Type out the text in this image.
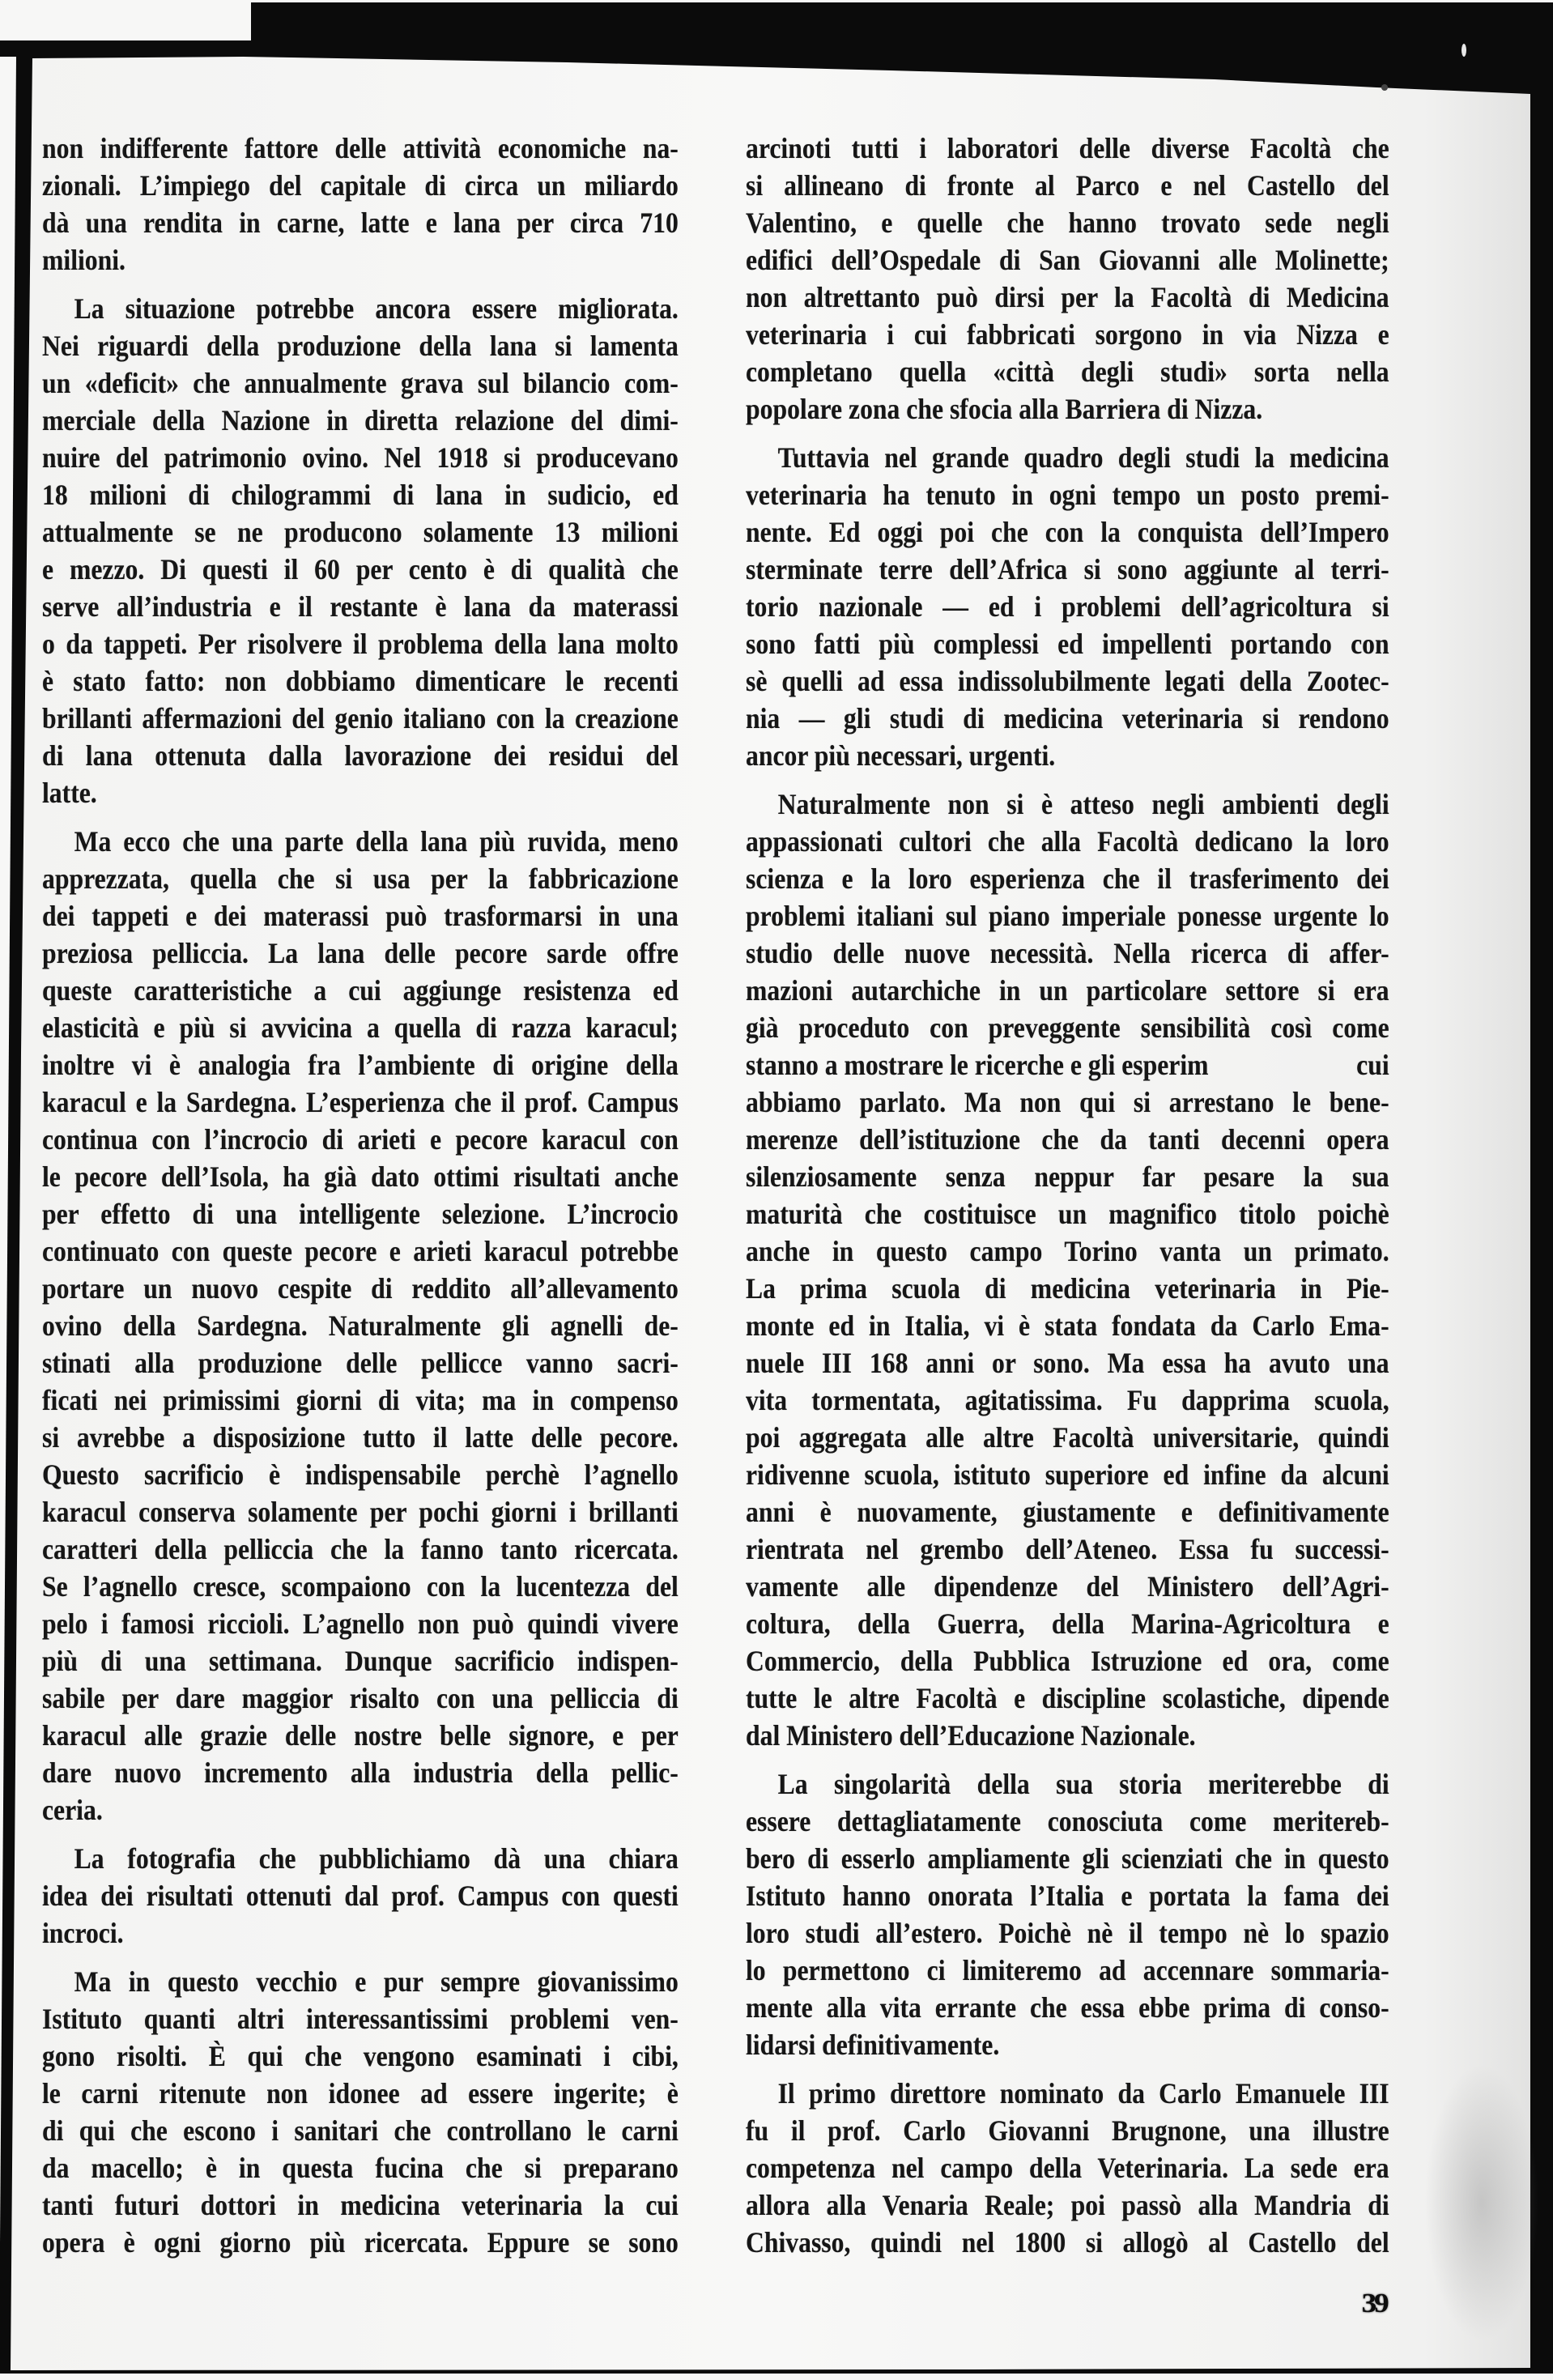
non indifferente fattore delle attività economiche na-
zionali. L’impiego del capitale di circa un miliardo
dà una rendita in carne, latte e lana per circa 710
milioni.
La situazione potrebbe ancora essere migliorata.
Nei riguardi della produzione della lana si lamenta
un «deficit» che annualmente grava sul bilancio com-
merciale della Nazione in diretta relazione del dimi-
nuire del patrimonio ovino. Nel 1918 si producevano
18 milioni di chilogrammi di lana in sudicio, ed
attualmente se ne producono solamente 13 milioni
e mezzo. Di questi il 60 per cento è di qualità che
serve all’industria e il restante è lana da materassi
o da tappeti. Per risolvere il problema della lana molto
è stato fatto: non dobbiamo dimenticare le recenti
brillanti affermazioni del genio italiano con la creazione
di lana ottenuta dalla lavorazione dei residui del
latte.
Ma ecco che una parte della lana più ruvida, meno
apprezzata, quella che si usa per la fabbricazione
dei tappeti e dei materassi può trasformarsi in una
preziosa pelliccia. La lana delle pecore sarde offre
queste caratteristiche a cui aggiunge resistenza ed
elasticità e più si avvicina a quella di razza karacul;
inoltre vi è analogia fra l’ambiente di origine della
karacul e la Sardegna. L’esperienza che il prof. Campus
continua con l’incrocio di arieti e pecore karacul con
le pecore dell’Isola, ha già dato ottimi risultati anche
per effetto di una intelligente selezione. L’incrocio
continuato con queste pecore e arieti karacul potrebbe
portare un nuovo cespite di reddito all’allevamento
ovino della Sardegna. Naturalmente gli agnelli de-
stinati alla produzione delle pellicce vanno sacri-
ficati nei primissimi giorni di vita; ma in compenso
si avrebbe a disposizione tutto il latte delle pecore.
Questo sacrificio è indispensabile perchè l’agnello
karacul conserva solamente per pochi giorni i brillanti
caratteri della pelliccia che la fanno tanto ricercata.
Se l’agnello cresce, scompaiono con la lucentezza del
pelo i famosi riccioli. L’agnello non può quindi vivere
più di una settimana. Dunque sacrificio indispen-
sabile per dare maggior risalto con una pelliccia di
karacul alle grazie delle nostre belle signore, e per
dare nuovo incremento alla industria della pellic-
ceria.
La fotografia che pubblichiamo dà una chiara
idea dei risultati ottenuti dal prof. Campus con questi
incroci.
Ma in questo vecchio e pur sempre giovanissimo
Istituto quanti altri interessantissimi problemi ven-
gono risolti. È qui che vengono esaminati i cibi,
le carni ritenute non idonee ad essere ingerite; è
di qui che escono i sanitari che controllano le carni
da macello; è in questa fucina che si preparano
tanti futuri dottori in medicina veterinaria la cui
opera è ogni giorno più ricercata. Eppure se sono
arcinoti tutti i laboratori delle diverse Facoltà che
si allineano di fronte al Parco e nel Castello del
Valentino, e quelle che hanno trovato sede negli
edifici dell’Ospedale di San Giovanni alle Molinette;
non altrettanto può dirsi per la Facoltà di Medicina
veterinaria i cui fabbricati sorgono in via Nizza e
completano quella «città degli studi» sorta nella
popolare zona che sfocia alla Barriera di Nizza.
Tuttavia nel grande quadro degli studi la medicina
veterinaria ha tenuto in ogni tempo un posto premi-
nente. Ed oggi poi che con la conquista dell’Impero
sterminate terre dell’Africa si sono aggiunte al terri-
torio nazionale — ed i problemi dell’agricoltura si
sono fatti più complessi ed impellenti portando con
sè quelli ad essa indissolubilmente legati della Zootec-
nia — gli studi di medicina veterinaria si rendono
ancor più necessari, urgenti.
Naturalmente non si è atteso negli ambienti degli
appassionati cultori che alla Facoltà dedicano la loro
scienza e la loro esperienza che il trasferimento dei
problemi italiani sul piano imperiale ponesse urgente lo
studio delle nuove necessità. Nella ricerca di affer-
mazioni autarchiche in un particolare settore si era
già proceduto con preveggente sensibilità così come
stanno a mostrare le ricerche e gli esperim	cui
abbiamo parlato. Ma non qui si arrestano le bene-
merenze dell’istituzione che da tanti decenni opera
silenziosamente senza neppur far pesare la sua
maturità che costituisce un magnifico titolo poichè
anche in questo campo Torino vanta un primato.
La prima scuola di medicina veterinaria in Pie-
monte ed in Italia, vi è stata fondata da Carlo Ema-
nuele III 168 anni or sono. Ma essa ha avuto una
vita tormentata, agitatissima. Fu dapprima scuola,
poi aggregata alle altre Facoltà universitarie, quindi
ridivenne scuola, istituto superiore ed infine da alcuni
anni è nuovamente, giustamente e definitivamente
rientrata nel grembo dell’Ateneo. Essa fu successi-
vamente alle dipendenze del Ministero dell’Agri-
coltura, della Guerra, della Marina-Agricoltura e
Commercio, della Pubblica Istruzione ed ora, come
tutte le altre Facoltà e discipline scolastiche, dipende
dal Ministero dell’Educazione Nazionale.
La singolarità della sua storia meriterebbe di
essere dettagliatamente conosciuta come meritereb-
bero di esserlo ampliamente gli scienziati che in questo
Istituto hanno onorata l’Italia e portata la fama dei
loro studi all’estero. Poichè nè il tempo nè lo spazio
lo permettono ci limiteremo ad accennare sommaria-
mente alla vita errante che essa ebbe prima di conso-
lidarsi definitivamente.
Il primo direttore nominato da Carlo Emanuele III
fu il prof. Carlo Giovanni Brugnone, una illustre
competenza nel campo della Veterinaria. La sede era
allora alla Venaria Reale; poi passò alla Mandria di
Chivasso, quindi nel 1800 si allogò al Castello del
39
